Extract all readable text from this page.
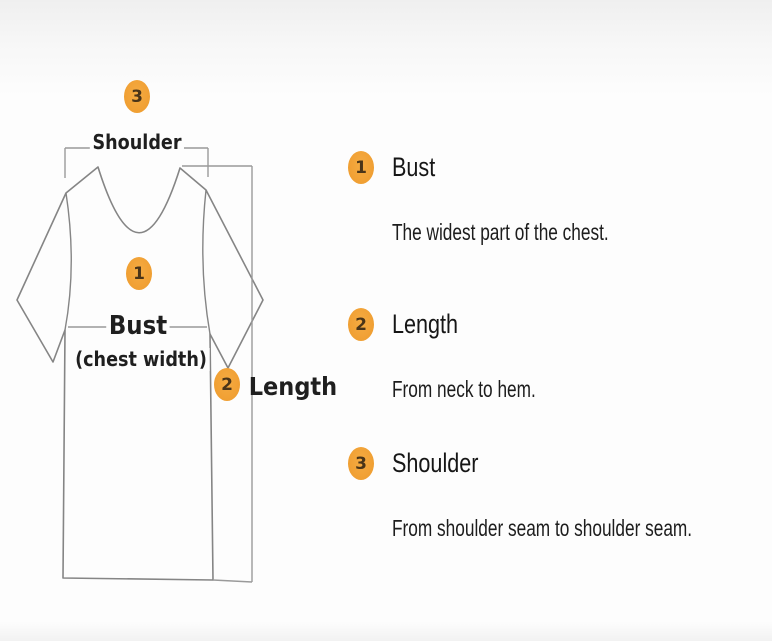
3
1
2
Shoulder
Bust
(chest width)
Length
1 Bust
The widest part of the chest.
2 Length
From neck to hem.
3 Shoulder
From shoulder seam to shoulder seam.
